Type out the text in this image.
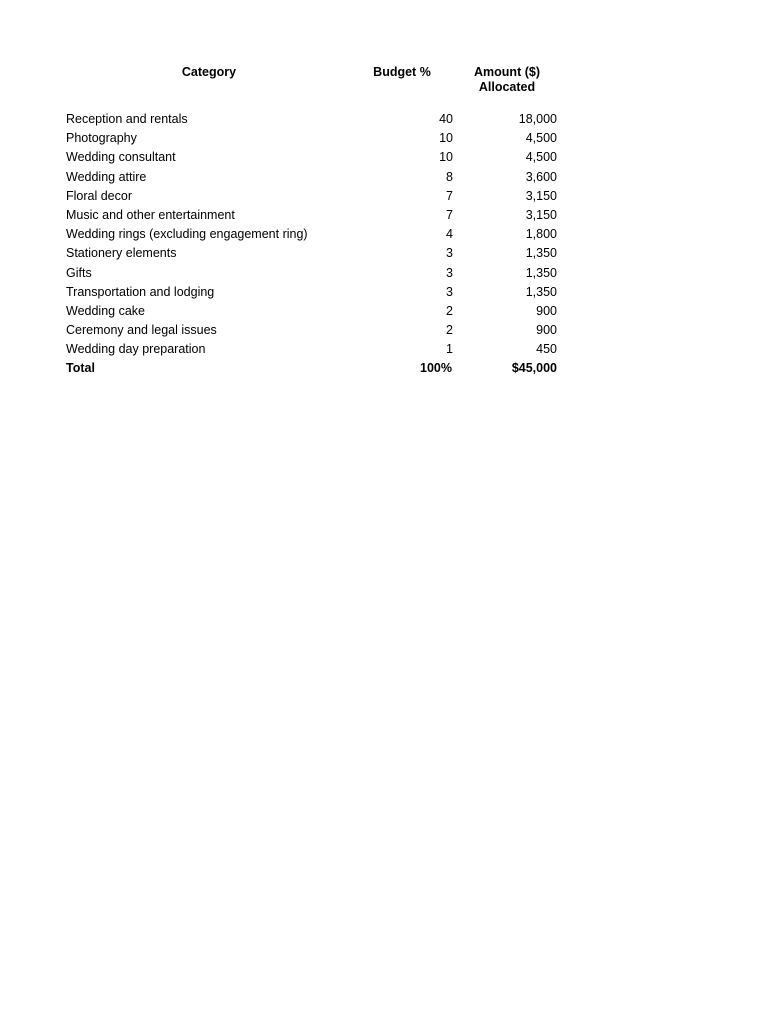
Category	Budget %	Amount ($)
Allocated
Reception and rentals	40	18,000
Photography	10	4,500
Wedding consultant	10	4,500
Wedding attire	8	3,600
Floral decor	7	3,150
Music and other entertainment	7	3,150
Wedding rings (excluding engagement ring)	4	1,800
Stationery elements	3	1,350
Gifts	3	1,350
Transportation and lodging	3	1,350
Wedding cake	2	900
Ceremony and legal issues	2	900
Wedding day preparation	1	450
Total	100%	$45,000
